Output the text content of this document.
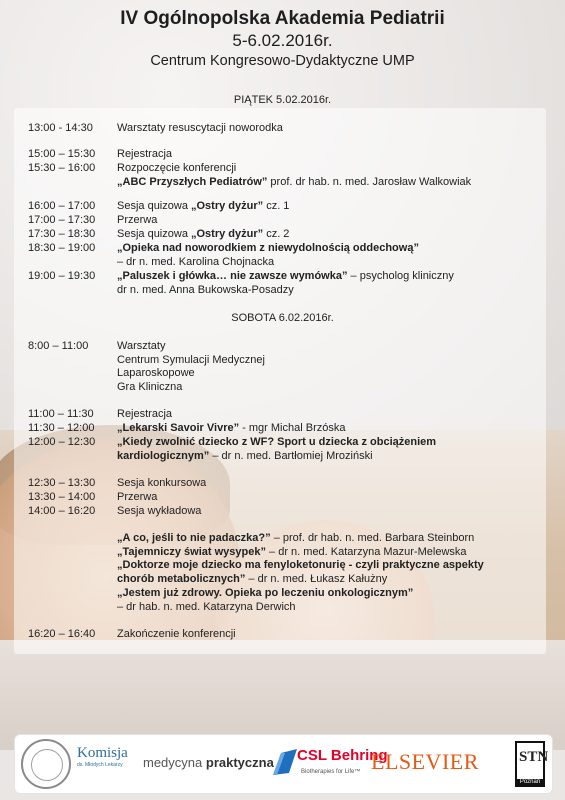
IV Ogólnopolska Akademia Pediatrii

5-6.02.2016r.

Centrum Kongresowo-Dydaktyczne UMP

PIĄTEK 5.02.2016r.
SOBOTA 6.02.2016r.
13:00 - 14:30	Warsztaty resuscytacji noworodka
15:00 – 15:30	Rejestracja
15:30 – 16:00	Rozpoczęcie konferencji
„ABC Przyszłych Pediatrów” prof. dr hab. n. med. Jarosław Walkowiak
16:00 – 17:00	Sesja quizowa „Ostry dyżur” cz. 1
17:00 – 17:30	Przerwa
17:30 – 18:30	Sesja quizowa „Ostry dyżur” cz. 2
18:30 – 19:00	„Opieka nad noworodkiem z niewydolnością oddechową”
– dr n. med. Karolina Chojnacka
19:00 – 19:30	„Paluszek i główka… nie zawsze wymówka” – psycholog kliniczny
dr n. med. Anna Bukowska-Posadzy
8:00 – 11:00	Warsztaty
Centrum Symulacji Medycznej
Laparoskopowe
Gra Kliniczna
11:00 – 11:30	Rejestracja
11:30 – 12:00	„Lekarski Savoir Vivre” - mgr Michal Brzóska
12:00 – 12:30	„Kiedy zwolnić dziecko z WF? Sport u dziecka z obciążeniem
kardiologicznym” – dr n. med. Bartłomiej Mroziński
12:30 – 13:30	Sesja konkursowa
13:30 – 14:00	Przerwa
14:00 – 16:20	Sesja wykładowa
„A co, jeśli to nie padaczka?” – prof. dr hab. n. med. Barbara Steinborn
„Tajemniczy świat wysypek” – dr n. med. Katarzyna Mazur-Melewska
„Doktorze moje dziecko ma fenyloketonurię - czyli praktyczne aspekty
chorób metabolicznych” – dr n. med. Łukasz Kałużny
„Jestem już zdrowy. Opieka po leczeniu onkologicznym”
– dr hab. n. med. Katarzyna Derwich
16:20 – 16:40	Zakończenie konferencji
Komisja
ds. Młodych Lekarzy	medycyna praktyczna CSL Behring
Biotherapies for Life™ ELSEVIER	STN
Poznań
